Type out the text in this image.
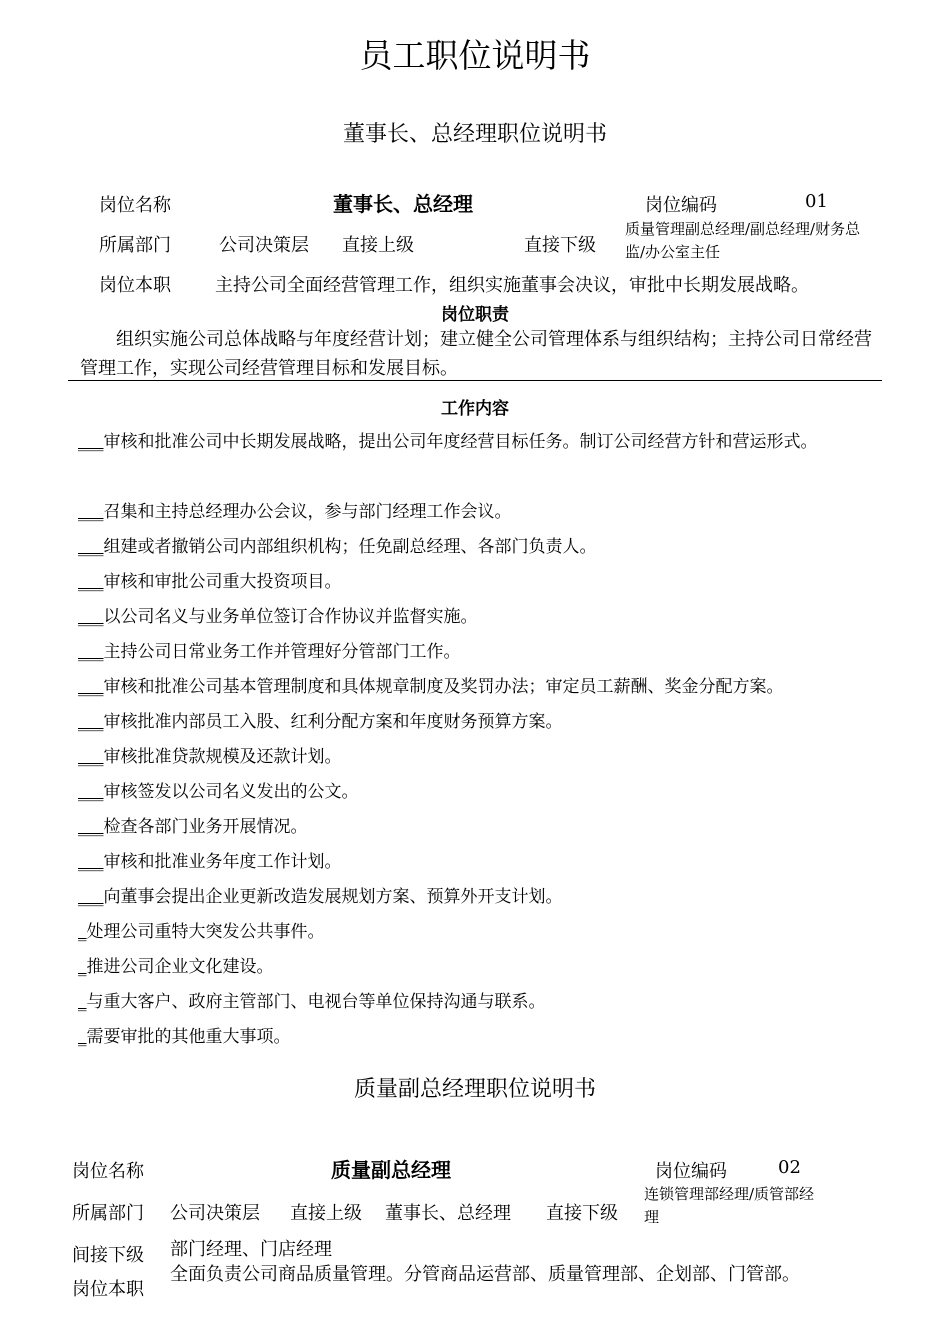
员工职位说明书
董事长、总经理职位说明书
岗位名称	董事长、总经理	岗位编码	01
所属部门	公司决策层 直接上级	直接下级
质量管理副总经理/副总经理/财务总监/办公室主任
岗位本职 主持公司全面经营管理工作，组织实施董事会决议，审批中长期发展战略。
岗位职责
组织实施公司总体战略与年度经营计划；建立健全公司管理体系与组织结构；主持公司日常经营管理工作，实现公司经营管理目标和发展目标。
工作内容
___审核和批准公司中长期发展战略，提出公司年度经营目标任务。制订公司经营方针和营运形式。
___召集和主持总经理办公会议，参与部门经理工作会议。
___组建或者撤销公司内部组织机构；任免副总经理、各部门负责人。
___审核和审批公司重大投资项目。
___以公司名义与业务单位签订合作协议并监督实施。
___主持公司日常业务工作并管理好分管部门工作。
___审核和批准公司基本管理制度和具体规章制度及奖罚办法；审定员工薪酬、奖金分配方案。
___审核批准内部员工入股、红利分配方案和年度财务预算方案。
___审核批准贷款规模及还款计划。
___审核签发以公司名义发出的公文。
___检查各部门业务开展情况。
___审核和批准业务年度工作计划。
___向董事会提出企业更新改造发展规划方案、预算外开支计划。
_处理公司重特大突发公共事件。
_推进公司企业文化建设。
_与重大客户、政府主管部门、电视台等单位保持沟通与联系。
_需要审批的其他重大事项。
质量副总经理职位说明书
岗位名称	质量副总经理	岗位编码	02
所属部门 公司决策层 直接上级 董事长、总经理 直接下级
连锁管理部经理/质管部经理
间接下级 部门经理、门店经理
岗位本职
全面负责公司商品质量管理。分管商品运营部、质量管理部、企划部、门管部。
